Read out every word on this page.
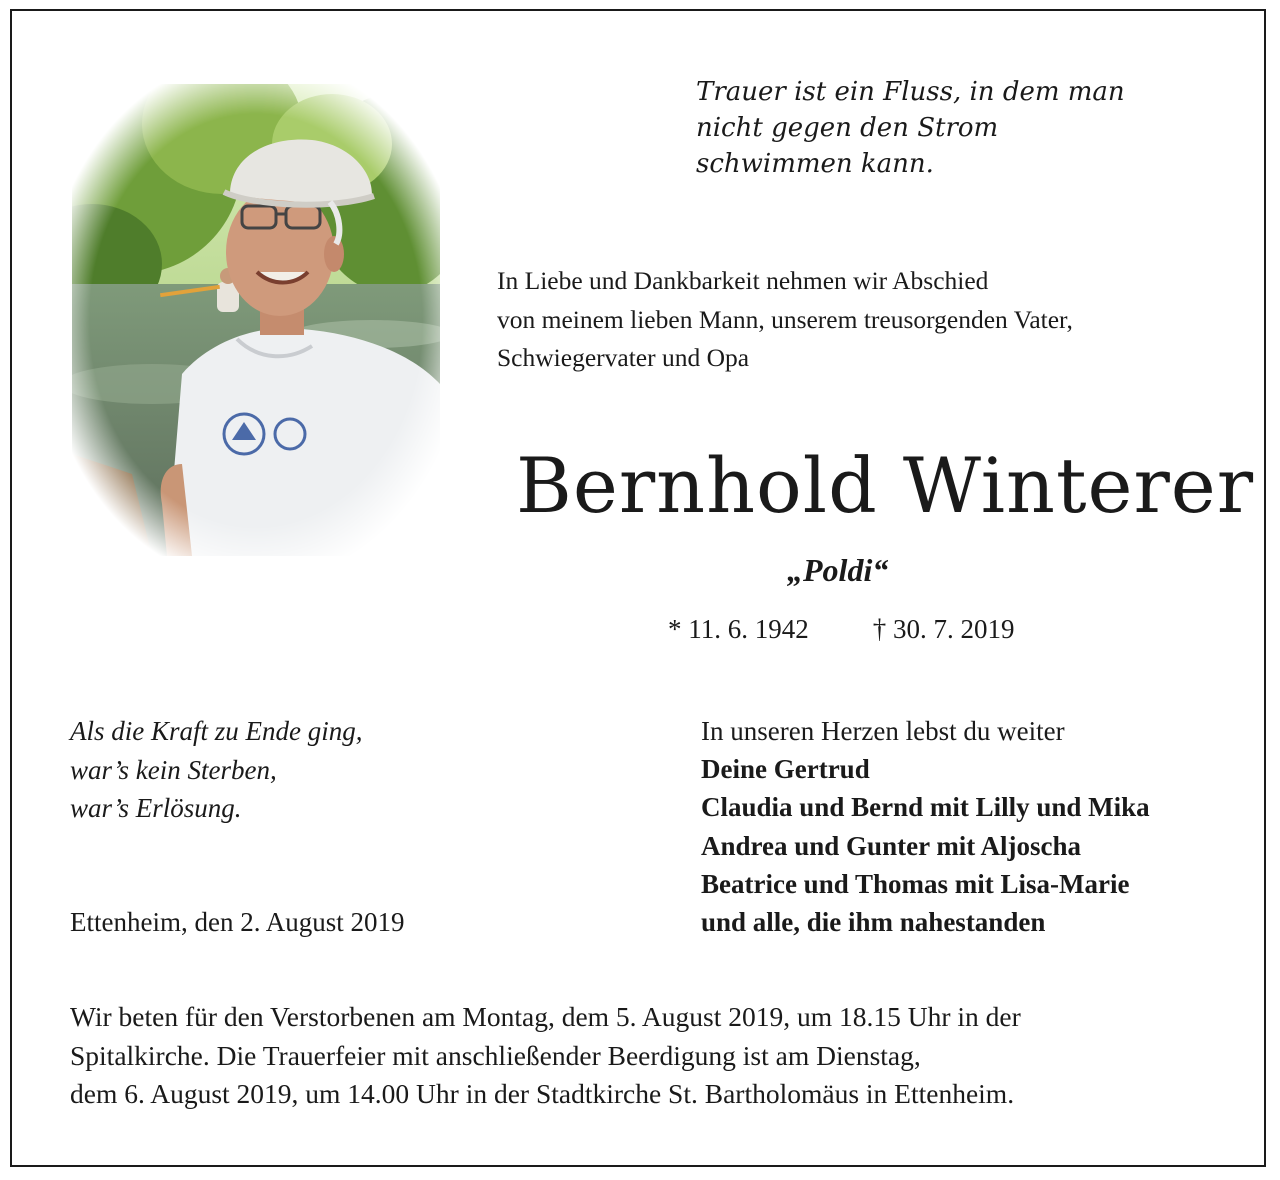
Trauer ist ein Fluss, in dem man
nicht gegen den Strom
schwimmen kann.

In Liebe und Dankbarkeit nehmen wir Abschied
von meinem lieben Mann, unserem treusorgenden Vater,
Schwiegervater und Opa

Bernhold Winterer
„Poldi“
* 11. 6. 1942 † 30. 7. 2019

Als die Kraft zu Ende ging,
war’s kein Sterben,
war’s Erlösung.

Ettenheim, den 2. August 2019

In unseren Herzen lebst du weiter
Deine Gertrud
Claudia und Bernd mit Lilly und Mika
Andrea und Gunter mit Aljoscha
Beatrice und Thomas mit Lisa-Marie
und alle, die ihm nahestanden

Wir beten für den Verstorbenen am Montag, dem 5. August 2019, um 18.15 Uhr in der
Spitalkirche. Die Trauerfeier mit anschließender Beerdigung ist am Dienstag,
dem 6. August 2019, um 14.00 Uhr in der Stadtkirche St. Bartholomäus in Ettenheim.
